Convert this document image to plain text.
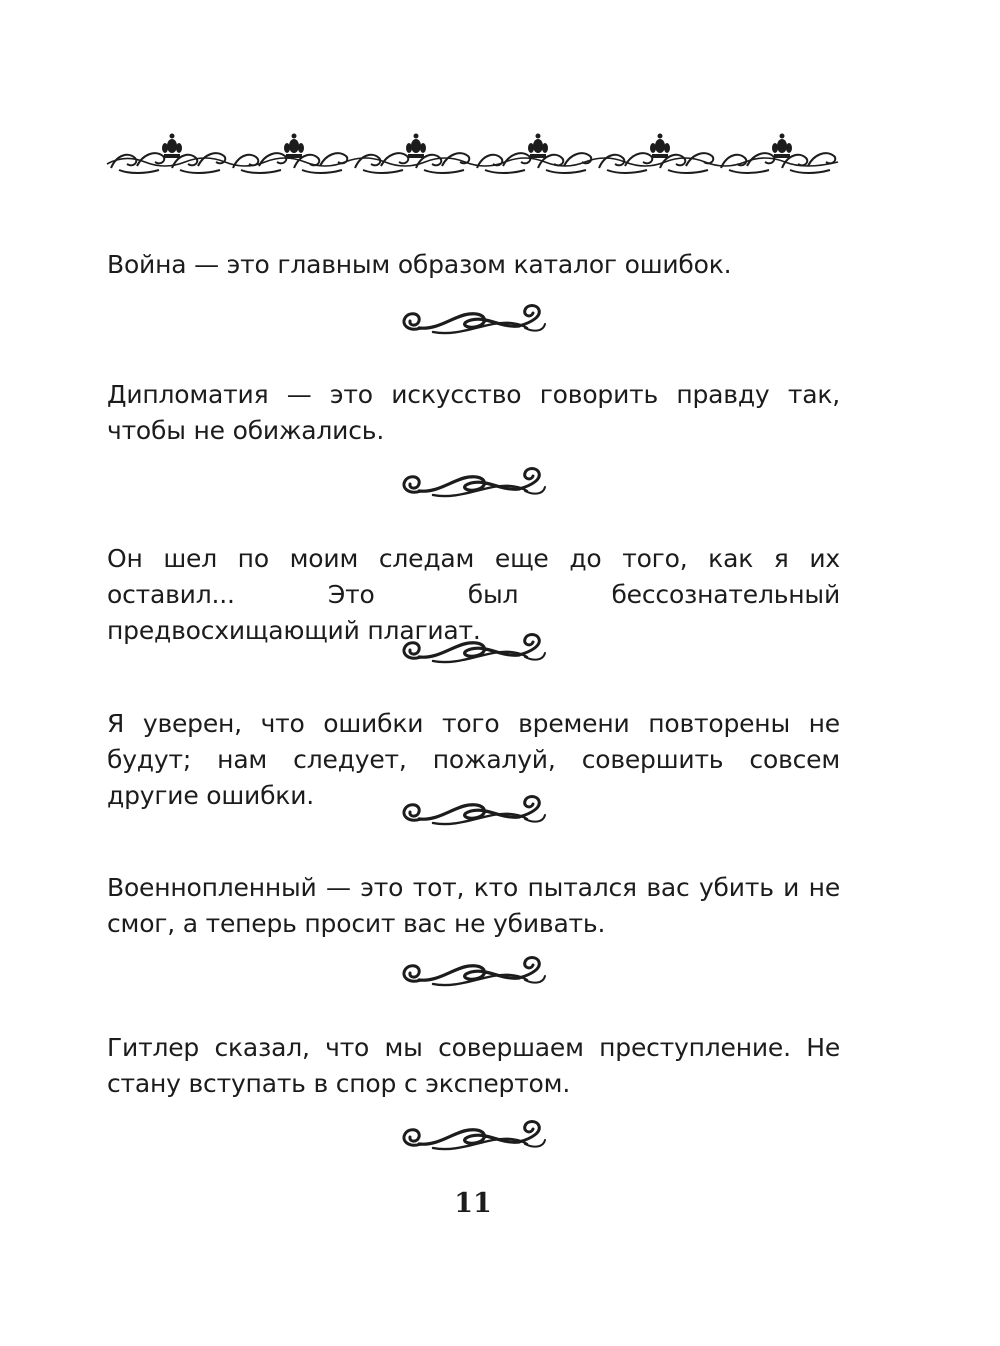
Война — это главным образом каталог ошибок.

Дипломатия — это искусство говорить правду так, чтобы не обижались.

Он шел по моим следам еще до того, как я их оставил... Это был бессознательный предвосхищающий плагиат.

Я уверен, что ошибки того времени повторены не будут; нам следует, пожалуй, совершить совсем другие ошибки.

Военнопленный — это тот, кто пытался вас убить и не смог, а теперь просит вас не убивать.

Гитлер сказал, что мы совершаем преступление. Не стану вступать в спор с экспертом.

11
